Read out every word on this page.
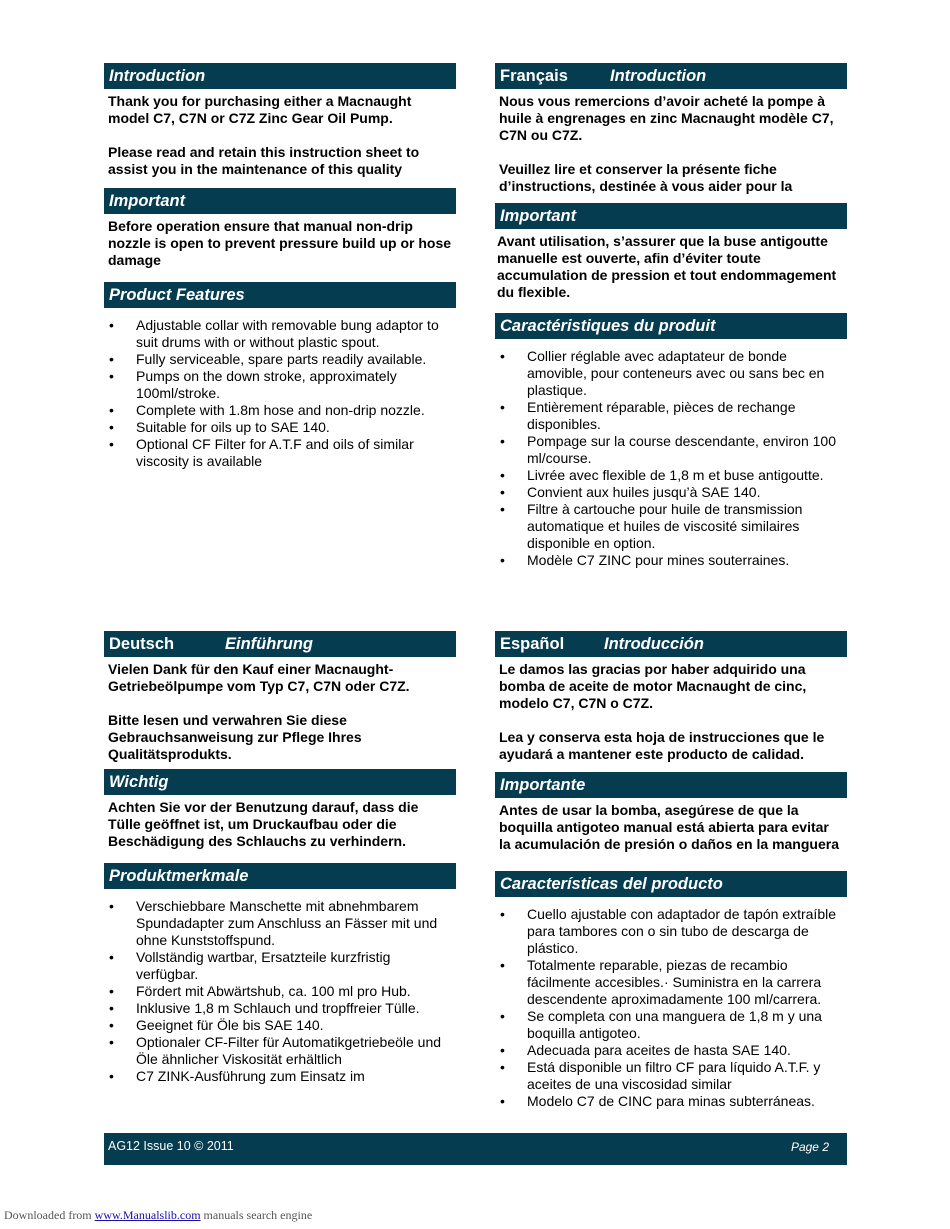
Introduction

Thank you for purchasing either a Macnaught model C7, C7N or C7Z Zinc Gear Oil Pump.

Please read and retain this instruction sheet to assist you in the maintenance of this quality

Important

Before operation ensure that manual non-drip nozzle is open to prevent pressure build up or hose damage

Product Features
• Adjustable collar with removable bung adaptor to suit drums with or without plastic spout.
• Fully serviceable, spare parts readily available.
• Pumps on the down stroke, approximately 100ml/stroke.
• Complete with 1.8m hose and non-drip nozzle.
• Suitable for oils up to SAE 140.
• Optional CF Filter for A.T.F and oils of similar viscosity is available
Français	Introduction

Nous vous remercions d’avoir acheté la pompe à huile à engrenages en zinc Macnaught modèle C7, C7N ou C7Z.

Veuillez lire et conserver la présente fiche d’instructions, destinée à vous aider pour la

Important

Avant utilisation, s’assurer que la buse antigoutte manuelle est ouverte, afin d’éviter toute accumulation de pression et tout endommagement du flexible.

Caractéristiques du produit
• Collier réglable avec adaptateur de bonde amovible, pour conteneurs avec ou sans bec en plastique.
• Entièrement réparable, pièces de rechange disponibles.
• Pompage sur la course descendante, environ 100 ml/course.
• Livrée avec flexible de 1,8 m et buse antigoutte.
• Convient aux huiles jusqu’à SAE 140.
• Filtre à cartouche pour huile de transmission automatique et huiles de viscosité similaires disponible en option.
• Modèle C7 ZINC pour mines souterraines.
Deutsch	Einführung

Vielen Dank für den Kauf einer Macnaught-Getriebeölpumpe vom Typ C7, C7N oder C7Z.

Bitte lesen und verwahren Sie diese Gebrauchsanweisung zur Pflege Ihres Qualitätsprodukts.

Wichtig

Achten Sie vor der Benutzung darauf, dass die Tülle geöffnet ist, um Druckaufbau oder die Beschädigung des Schlauchs zu verhindern.

Produktmerkmale
• Verschiebbare Manschette mit abnehmbarem Spundadapter zum Anschluss an Fässer mit und ohne Kunststoffspund.
• Vollständig wartbar, Ersatzteile kurzfristig verfügbar.
• Fördert mit Abwärtshub, ca. 100 ml pro Hub.
• Inklusive 1,8 m Schlauch und tropffreier Tülle.
• Geeignet für Öle bis SAE 140.
• Optionaler CF-Filter für Automatikgetriebeöle und Öle ähnlicher Viskosität erhältlich
• C7 ZINK-Ausführung zum Einsatz im
Español Introducción

Le damos las gracias por haber adquirido una bomba de aceite de motor Macnaught de cinc, modelo C7, C7N o C7Z.

Lea y conserva esta hoja de instrucciones que le ayudará a mantener este producto de calidad.

Importante

Antes de usar la bomba, asegúrese de que la boquilla antigoteo manual está abierta para evitar la acumulación de presión o daños en la manguera

Características del producto
• Cuello ajustable con adaptador de tapón extraíble para tambores con o sin tubo de descarga de plástico.
• Totalmente reparable, piezas de recambio fácilmente accesibles.· Suministra en la carrera descendente aproximadamente 100 ml/carrera.
• Se completa con una manguera de 1,8 m y una boquilla antigoteo.
• Adecuada para aceites de hasta SAE 140.
• Está disponible un filtro CF para líquido A.T.F. y aceites de una viscosidad similar
• Modelo C7 de CINC para minas subterráneas.
AG12 Issue 10 © 2011	Page 2
Downloaded from www.Manualslib.com manuals search engine
